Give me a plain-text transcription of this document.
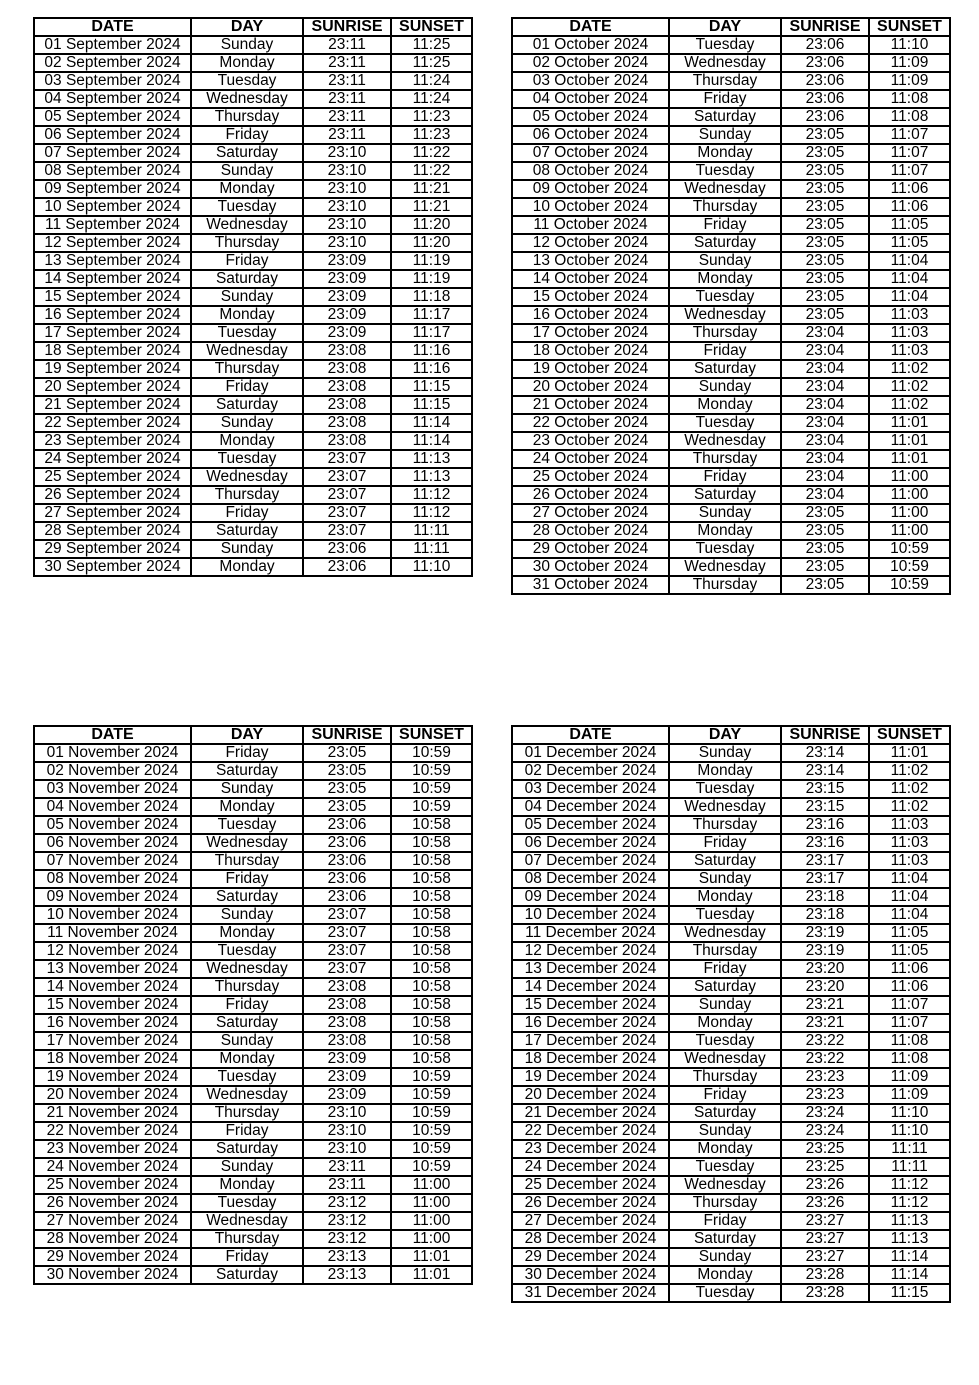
DATE	DAY	SUNRISE	SUNSET
01 September 2024	Sunday	23:11	11:25
02 September 2024	Monday	23:11	11:25
03 September 2024	Tuesday	23:11	11:24
04 September 2024	Wednesday	23:11	11:24
05 September 2024	Thursday	23:11	11:23
06 September 2024	Friday	23:11	11:23
07 September 2024	Saturday	23:10	11:22
08 September 2024	Sunday	23:10	11:22
09 September 2024	Monday	23:10	11:21
10 September 2024	Tuesday	23:10	11:21
11 September 2024	Wednesday	23:10	11:20
12 September 2024	Thursday	23:10	11:20
13 September 2024	Friday	23:09	11:19
14 September 2024	Saturday	23:09	11:19
15 September 2024	Sunday	23:09	11:18
16 September 2024	Monday	23:09	11:17
17 September 2024	Tuesday	23:09	11:17
18 September 2024	Wednesday	23:08	11:16
19 September 2024	Thursday	23:08	11:16
20 September 2024	Friday	23:08	11:15
21 September 2024	Saturday	23:08	11:15
22 September 2024	Sunday	23:08	11:14
23 September 2024	Monday	23:08	11:14
24 September 2024	Tuesday	23:07	11:13
25 September 2024	Wednesday	23:07	11:13
26 September 2024	Thursday	23:07	11:12
27 September 2024	Friday	23:07	11:12
28 September 2024	Saturday	23:07	11:11
29 September 2024	Sunday	23:06	11:11
30 September 2024	Monday	23:06	11:10
DATE	DAY	SUNRISE	SUNSET
01 October 2024	Tuesday	23:06	11:10
02 October 2024	Wednesday	23:06	11:09
03 October 2024	Thursday	23:06	11:09
04 October 2024	Friday	23:06	11:08
05 October 2024	Saturday	23:06	11:08
06 October 2024	Sunday	23:05	11:07
07 October 2024	Monday	23:05	11:07
08 October 2024	Tuesday	23:05	11:07
09 October 2024	Wednesday	23:05	11:06
10 October 2024	Thursday	23:05	11:06
11 October 2024	Friday	23:05	11:05
12 October 2024	Saturday	23:05	11:05
13 October 2024	Sunday	23:05	11:04
14 October 2024	Monday	23:05	11:04
15 October 2024	Tuesday	23:05	11:04
16 October 2024	Wednesday	23:05	11:03
17 October 2024	Thursday	23:04	11:03
18 October 2024	Friday	23:04	11:03
19 October 2024	Saturday	23:04	11:02
20 October 2024	Sunday	23:04	11:02
21 October 2024	Monday	23:04	11:02
22 October 2024	Tuesday	23:04	11:01
23 October 2024	Wednesday	23:04	11:01
24 October 2024	Thursday	23:04	11:01
25 October 2024	Friday	23:04	11:00
26 October 2024	Saturday	23:04	11:00
27 October 2024	Sunday	23:05	11:00
28 October 2024	Monday	23:05	11:00
29 October 2024	Tuesday	23:05	10:59
30 October 2024	Wednesday	23:05	10:59
31 October 2024	Thursday	23:05	10:59
DATE	DAY	SUNRISE	SUNSET
01 November 2024	Friday	23:05	10:59
02 November 2024	Saturday	23:05	10:59
03 November 2024	Sunday	23:05	10:59
04 November 2024	Monday	23:05	10:59
05 November 2024	Tuesday	23:06	10:58
06 November 2024	Wednesday	23:06	10:58
07 November 2024	Thursday	23:06	10:58
08 November 2024	Friday	23:06	10:58
09 November 2024	Saturday	23:06	10:58
10 November 2024	Sunday	23:07	10:58
11 November 2024	Monday	23:07	10:58
12 November 2024	Tuesday	23:07	10:58
13 November 2024	Wednesday	23:07	10:58
14 November 2024	Thursday	23:08	10:58
15 November 2024	Friday	23:08	10:58
16 November 2024	Saturday	23:08	10:58
17 November 2024	Sunday	23:08	10:58
18 November 2024	Monday	23:09	10:58
19 November 2024	Tuesday	23:09	10:59
20 November 2024	Wednesday	23:09	10:59
21 November 2024	Thursday	23:10	10:59
22 November 2024	Friday	23:10	10:59
23 November 2024	Saturday	23:10	10:59
24 November 2024	Sunday	23:11	10:59
25 November 2024	Monday	23:11	11:00
26 November 2024	Tuesday	23:12	11:00
27 November 2024	Wednesday	23:12	11:00
28 November 2024	Thursday	23:12	11:00
29 November 2024	Friday	23:13	11:01
30 November 2024	Saturday	23:13	11:01
DATE	DAY	SUNRISE	SUNSET
01 December 2024	Sunday	23:14	11:01
02 December 2024	Monday	23:14	11:02
03 December 2024	Tuesday	23:15	11:02
04 December 2024	Wednesday	23:15	11:02
05 December 2024	Thursday	23:16	11:03
06 December 2024	Friday	23:16	11:03
07 December 2024	Saturday	23:17	11:03
08 December 2024	Sunday	23:17	11:04
09 December 2024	Monday	23:18	11:04
10 December 2024	Tuesday	23:18	11:04
11 December 2024	Wednesday	23:19	11:05
12 December 2024	Thursday	23:19	11:05
13 December 2024	Friday	23:20	11:06
14 December 2024	Saturday	23:20	11:06
15 December 2024	Sunday	23:21	11:07
16 December 2024	Monday	23:21	11:07
17 December 2024	Tuesday	23:22	11:08
18 December 2024	Wednesday	23:22	11:08
19 December 2024	Thursday	23:23	11:09
20 December 2024	Friday	23:23	11:09
21 December 2024	Saturday	23:24	11:10
22 December 2024	Sunday	23:24	11:10
23 December 2024	Monday	23:25	11:11
24 December 2024	Tuesday	23:25	11:11
25 December 2024	Wednesday	23:26	11:12
26 December 2024	Thursday	23:26	11:12
27 December 2024	Friday	23:27	11:13
28 December 2024	Saturday	23:27	11:13
29 December 2024	Sunday	23:27	11:14
30 December 2024	Monday	23:28	11:14
31 December 2024	Tuesday	23:28	11:15
